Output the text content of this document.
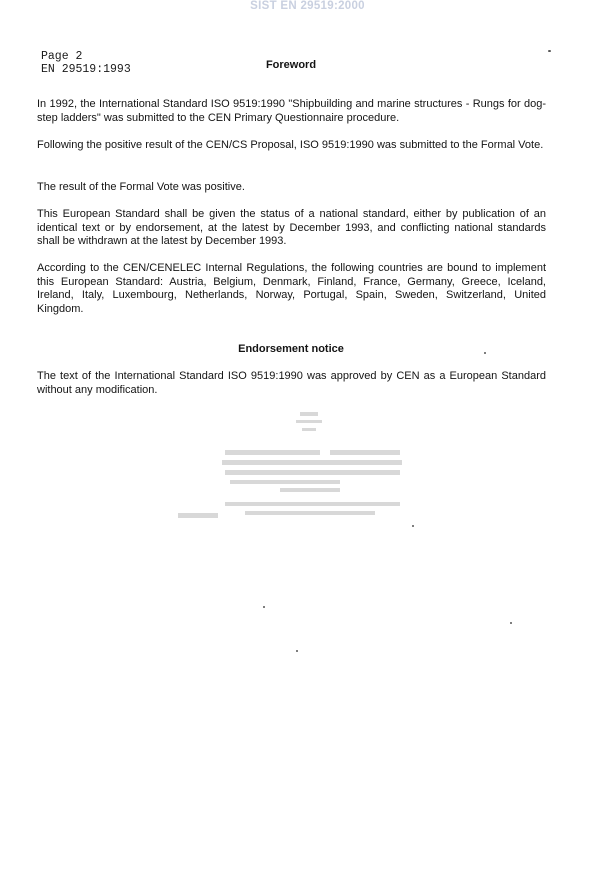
SIST EN 29519:2000
Page 2
EN 29519:1993	Foreword
In 1992, the International Standard ISO 9519:1990 "Shipbuilding and marine structures - Rungs for dog-step ladders" was submitted to the CEN Primary Questionnaire procedure.
Following the positive result of the CEN/CS Proposal, ISO 9519:1990 was submitted to the Formal Vote.
The result of the Formal Vote was positive.
This European Standard shall be given the status of a national standard, either by publication of an identical text or by endorsement, at the latest by December 1993, and conflicting national standards shall be withdrawn at the latest by December 1993.
According to the CEN/CENELEC Internal Regulations, the following countries are bound to implement this European Standard: Austria, Belgium, Denmark, Finland, France, Germany, Greece, Iceland, Ireland, Italy, Luxembourg, Netherlands, Norway, Portugal, Spain, Sweden, Switzerland, United Kingdom.
Endorsement notice
The text of the International Standard ISO 9519:1990 was approved by CEN as a European Standard without any modification.
